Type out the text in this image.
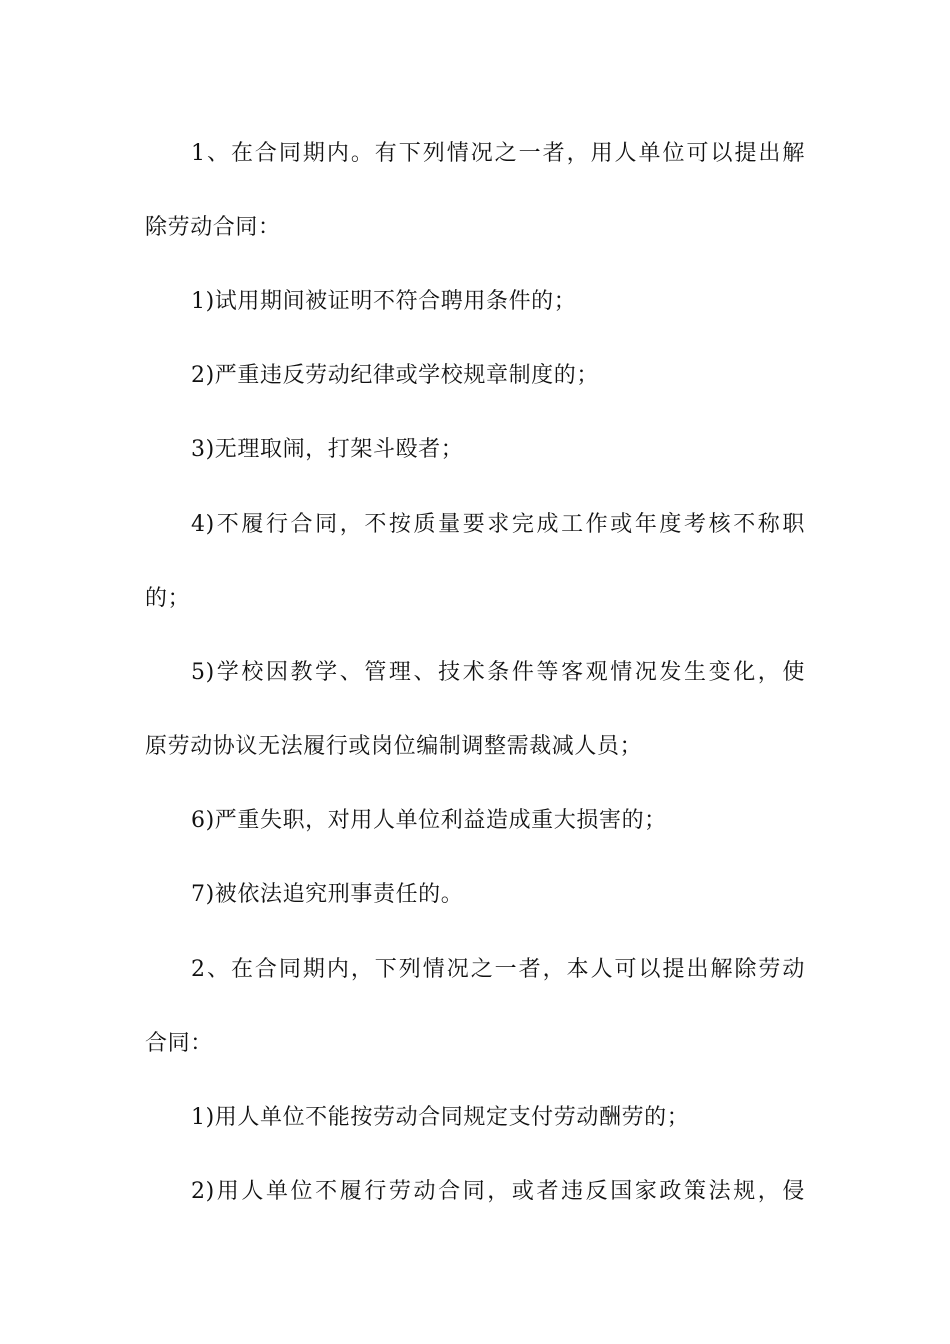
1、在合同期内。有下列情况之一者，用人单位可以提出解
除劳动合同：
1)试用期间被证明不符合聘用条件的；
2)严重违反劳动纪律或学校规章制度的；
3)无理取闹，打架斗殴者；
4)不履行合同，不按质量要求完成工作或年度考核不称职
的；
5)学校因教学、管理、技术条件等客观情况发生变化，使
原劳动协议无法履行或岗位编制调整需裁减人员；
6)严重失职，对用人单位利益造成重大损害的；
7)被依法追究刑事责任的。
2、在合同期内，下列情况之一者，本人可以提出解除劳动
合同：
1)用人单位不能按劳动合同规定支付劳动酬劳的；
2)用人单位不履行劳动合同，或者违反国家政策法规，侵
